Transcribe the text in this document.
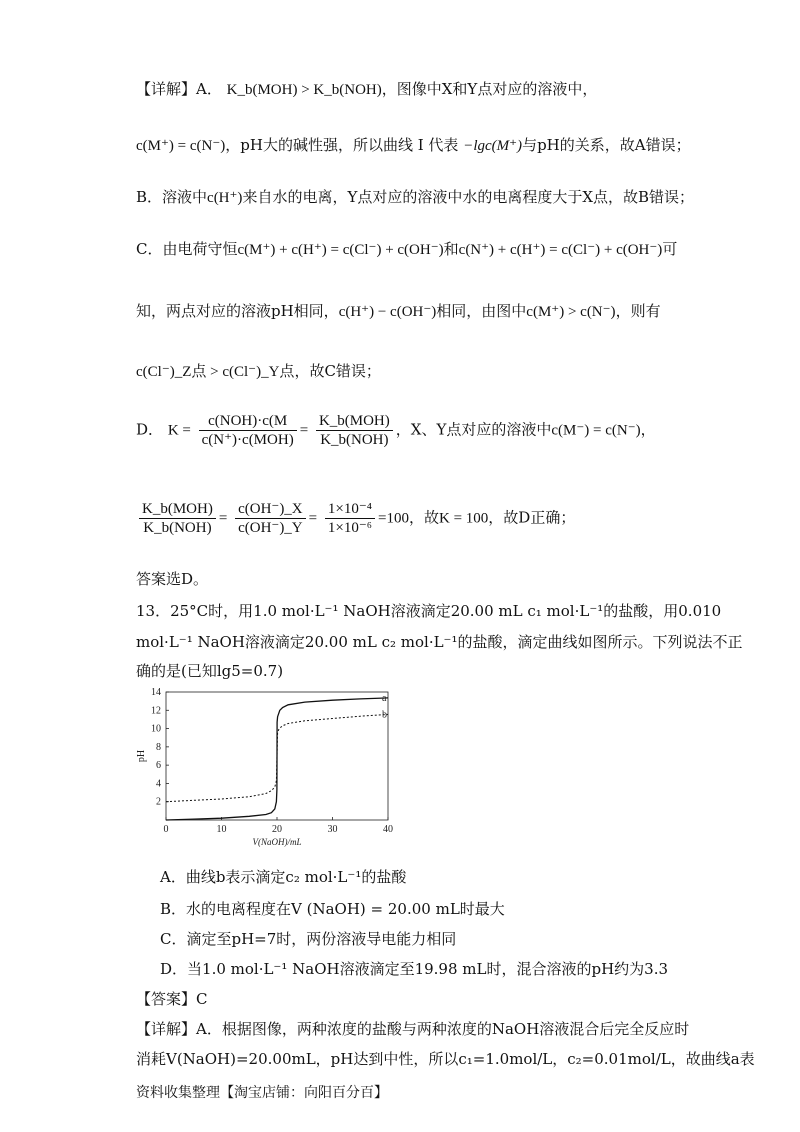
【详解】A． K_b(MOH) > K_b(NOH)，图像中X和Y点对应的溶液中，
c(M⁺) = c(N⁻)，pH大的碱性强，所以曲线 I 代表 −lgc(M⁺)与pH的关系，故A错误；
B．溶液中c(H⁺)来自水的电离，Y点对应的溶液中水的电离程度大于X点，故B错误；
C．由电荷守恒c(M⁺) + c(H⁺) = c(Cl⁻) + c(OH⁻)和c(N⁺) + c(H⁺) = c(Cl⁻) + c(OH⁻)可
知，两点对应的溶液pH相同，c(H⁺) − c(OH⁻)相同，由图中c(M⁺) > c(N⁻)，则有
c(Cl⁻)_Z点 > c(Cl⁻)_Y点，故C错误；
D． $K = \frac{\text{c(NOH)·c(M}}{\text{c(N⁺)·c(MOH)}} = \frac{\text{K\_b(MOH)}}{\text{K\_b(NOH)}}$ ，X、Y点对应的溶液中c(M⁻) = c(N⁻)，
$\frac{\text{K\_b(MOH)}}{\text{K\_b(NOH)}} = \frac{c(OH^-)\_X}{c(OH^-)\_Y} = \frac{\text{1×10⁻⁴}}{\text{1×10⁻⁶}} =100$，故K = 100，故D正确；
答案选D。
13．25°C时，用1.0 mol·L⁻¹ NaOH溶液滴定20.00 mL c₁ mol·L⁻¹的盐酸，用0.010
mol·L⁻¹ NaOH溶液滴定20.00 mL c₂ mol·L⁻¹的盐酸，滴定曲线如图所示。下列说法不正
确的是(已知lg5=0.7)
2
4
6
8
10
12
14
0	10	20	30	40
pH
V(NaOH)/mL
a
b
A．曲线b表示滴定c₂ mol·L⁻¹的盐酸
B．水的电离程度在V (NaOH) = 20.00 mL时最大
C．滴定至pH=7时，两份溶液导电能力相同
D．当1.0 mol·L⁻¹ NaOH溶液滴定至19.98 mL时，混合溶液的pH约为3.3
【答案】C
【详解】A．根据图像，两种浓度的盐酸与两种浓度的NaOH溶液混合后完全反应时
消耗V(NaOH)=20.00mL，pH达到中性，所以c₁=1.0mol/L，c₂=0.01mol/L，故曲线a表
资料收集整理【淘宝店铺：向阳百分百】
